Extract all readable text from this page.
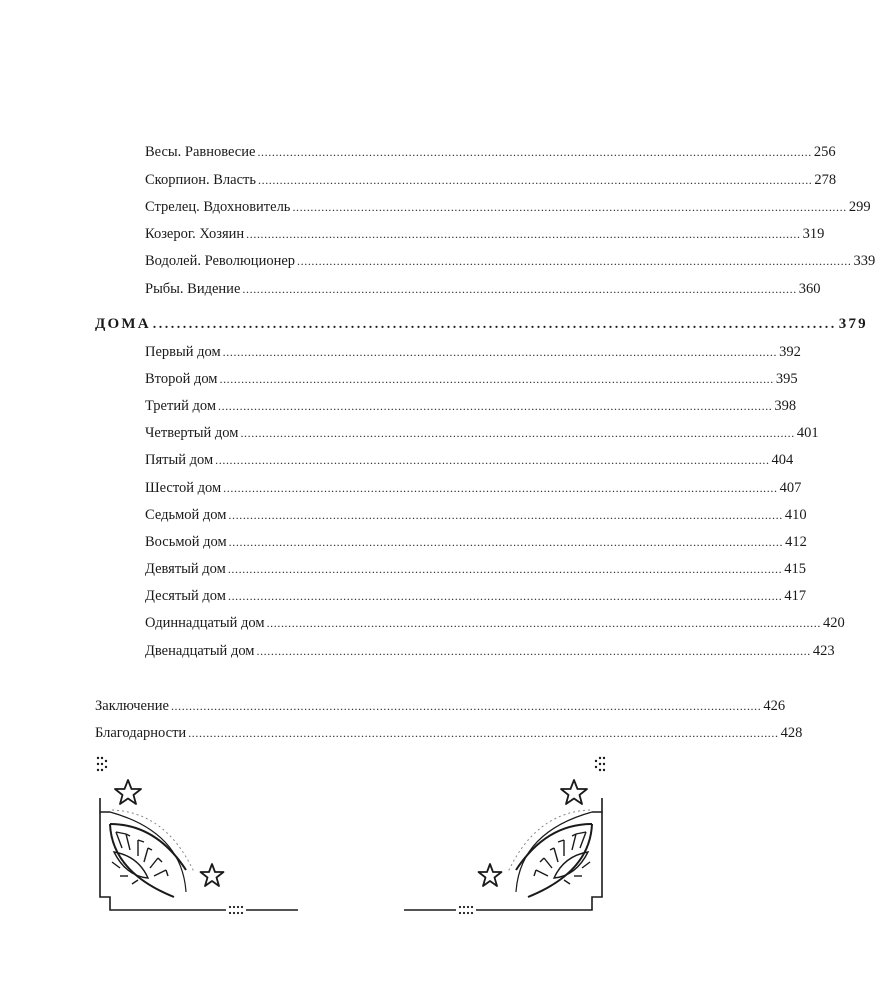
Весы. Равновесие .......................................................................................................................................................... 256
Скорпион. Власть .......................................................................................................................................................... 278
Стрелец. Вдохновитель .......................................................................................................................................................... 299
Козерог. Хозяин .......................................................................................................................................................... 319
Водолей. Революционер .......................................................................................................................................................... 339
Рыбы. Видение .......................................................................................................................................................... 360
ДОМА .................................................................................................................. 379
Первый дом .......................................................................................................................................................... 392
Второй дом .......................................................................................................................................................... 395
Третий дом .......................................................................................................................................................... 398
Четвертый дом .......................................................................................................................................................... 401
Пятый дом .......................................................................................................................................................... 404
Шестой дом .......................................................................................................................................................... 407
Седьмой дом .......................................................................................................................................................... 410
Восьмой дом .......................................................................................................................................................... 412
Девятый дом .......................................................................................................................................................... 415
Десятый дом .......................................................................................................................................................... 417
Одиннадцатый дом .......................................................................................................................................................... 420
Двенадцатый дом .......................................................................................................................................................... 423
Заключение .................................................................................................................................................................... 426
Благодарности .................................................................................................................................................................... 428
